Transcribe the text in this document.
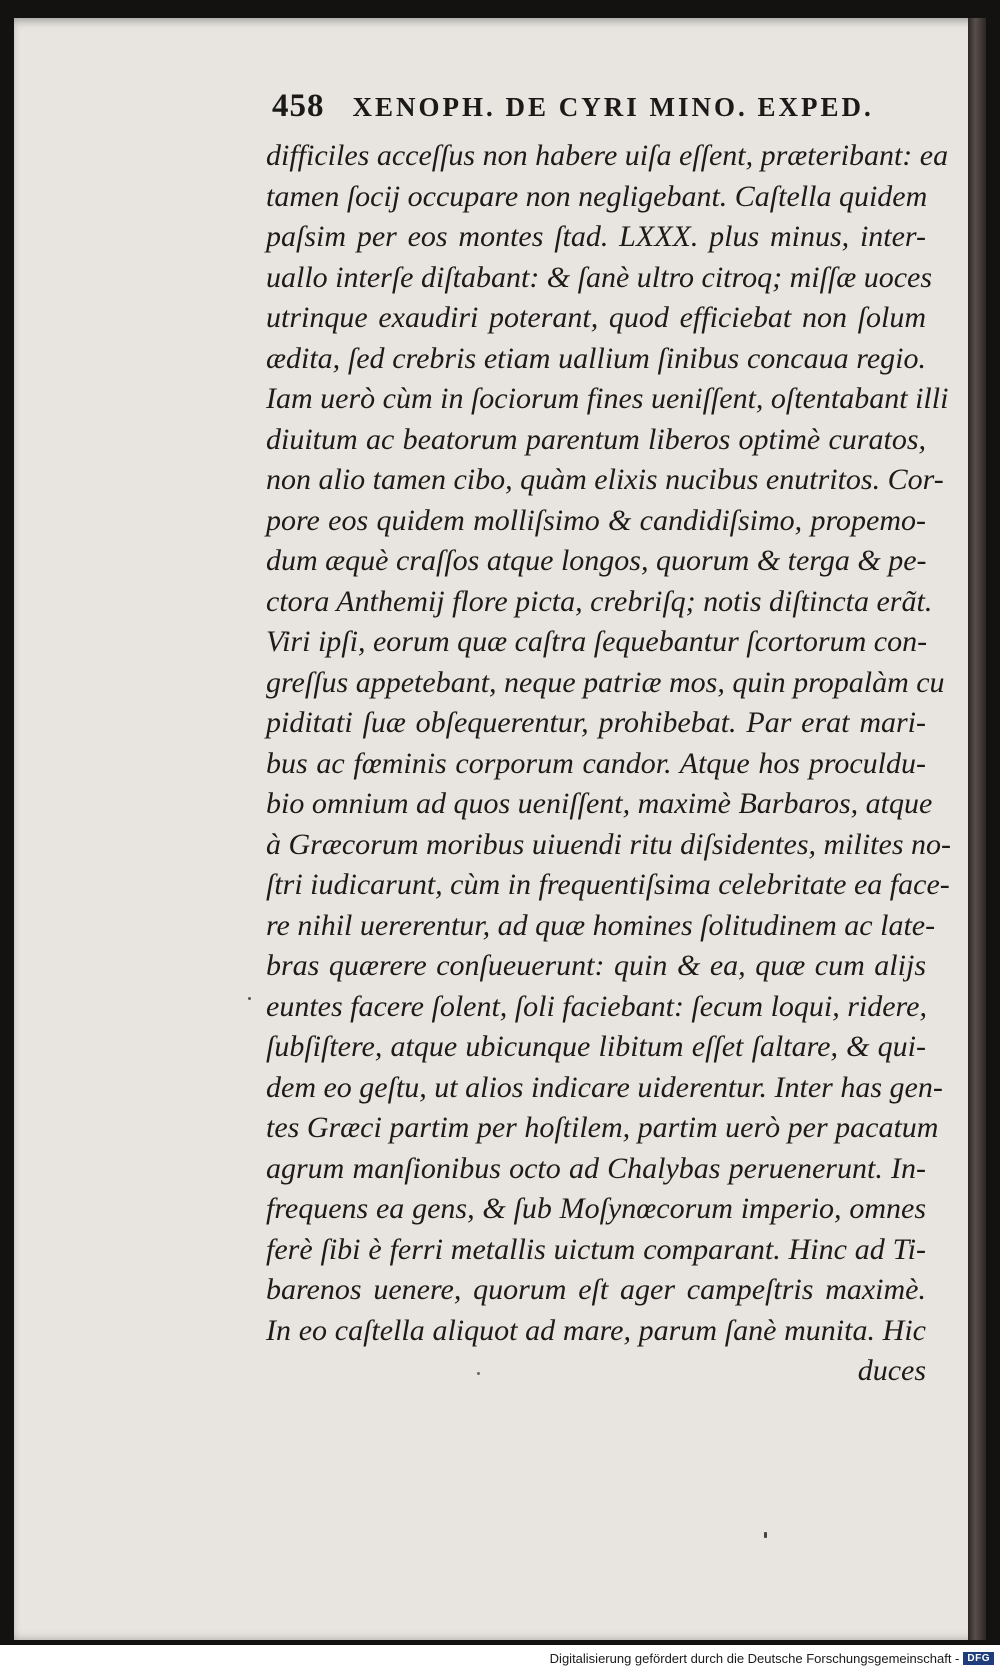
458 XENOPH. DE CYRI MINO. EXPED.
difficiles acceſſus non habere uiſa eſſent, præteribant: ea
tamen ſocij occupare non negligebant. Caſtella quidem
paſsim per eos montes ſtad. LXXX. plus minus, inter-
uallo interſe diſtabant: & ſanè ultro citroq; miſſæ uoces
utrinque exaudiri poterant, quod efficiebat non ſolum
ædita, ſed crebris etiam uallium ſinibus concaua regio.
Iam uerò cùm in ſociorum fines ueniſſent, oſtentabant illi
diuitum ac beatorum parentum liberos optimè curatos,
non alio tamen cibo, quàm elixis nucibus enutritos. Cor-
pore eos quidem molliſsimo & candidiſsimo, propemo-
dum æquè craſſos atque longos, quorum & terga & pe-
ctora Anthemij flore picta, crebriſq; notis diſtincta erãt.
Viri ipſi, eorum quæ caſtra ſequebantur ſcortorum con-
greſſus appetebant, neque patriæ mos, quin propalàm cu
piditati ſuæ obſequerentur, prohibebat. Par erat mari-
bus ac fœminis corporum candor. Atque hos proculdu-
bio omnium ad quos ueniſſent, maximè Barbaros, atque
à Græcorum moribus uiuendi ritu diſsidentes, milites no-
ſtri iudicarunt, cùm in frequentiſsima celebritate ea face-
re nihil uererentur, ad quæ homines ſolitudinem ac late-
bras quærere conſueuerunt: quin & ea, quæ cum alijs
euntes facere ſolent, ſoli faciebant: ſecum loqui, ridere,
ſubſiſtere, atque ubicunque libitum eſſet ſaltare, & qui-
dem eo geſtu, ut alios indicare uiderentur. Inter has gen-
tes Græci partim per hoſtilem, partim uerò per pacatum
agrum manſionibus octo ad Chalybas peruenerunt. In-
frequens ea gens, & ſub Moſynœcorum imperio, omnes
ferè ſibi è ferri metallis uictum comparant. Hinc ad Ti-
barenos uenere, quorum eſt ager campeſtris maximè.
In eo caſtella aliquot ad mare, parum ſanè munita. Hic
duces
Digitalisierung gefördert durch die Deutsche Forschungsgemeinschaft - DFG
